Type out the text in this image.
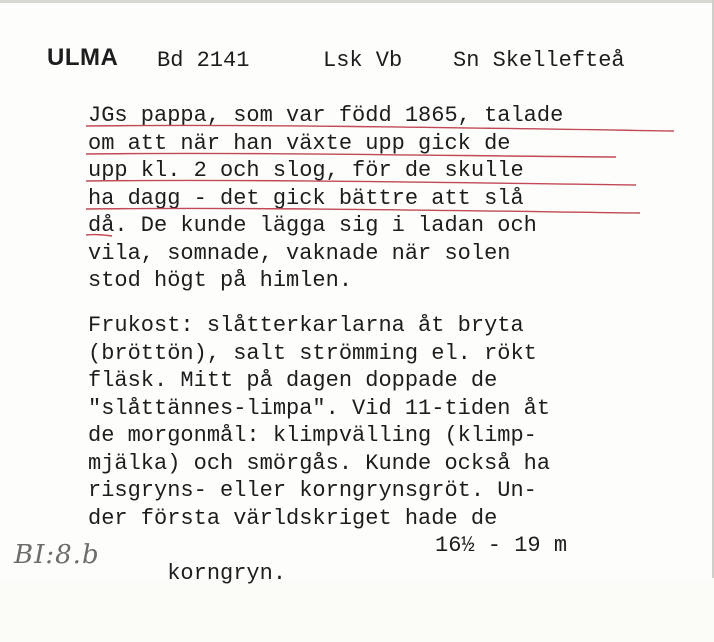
ULMA Bd 2141	Lsk Vb Sn Skellefteå
JGs pappa, som var född 1865, talade
om att när han växte upp gick de
upp kl. 2 och slog, för de skulle
ha dagg - det gick bättre att slå
då. De kunde lägga sig i ladan och
vila, somnade, vaknade när solen
stod högt på himlen.
Frukost: slåtterkarlarna åt bryta
(bröttön), salt strömming el. rökt
fläsk. Mitt på dagen doppade de
"slåttännes-limpa". Vid 11-tiden åt
de morgonmål: klimpvälling (klimp-
mjälka) och smörgås. Kunde också ha
risgryns- eller korngrynsgröt. Un-
der första världskriget hade de

korngryn.

16½ - 19 m

BI:8.b
